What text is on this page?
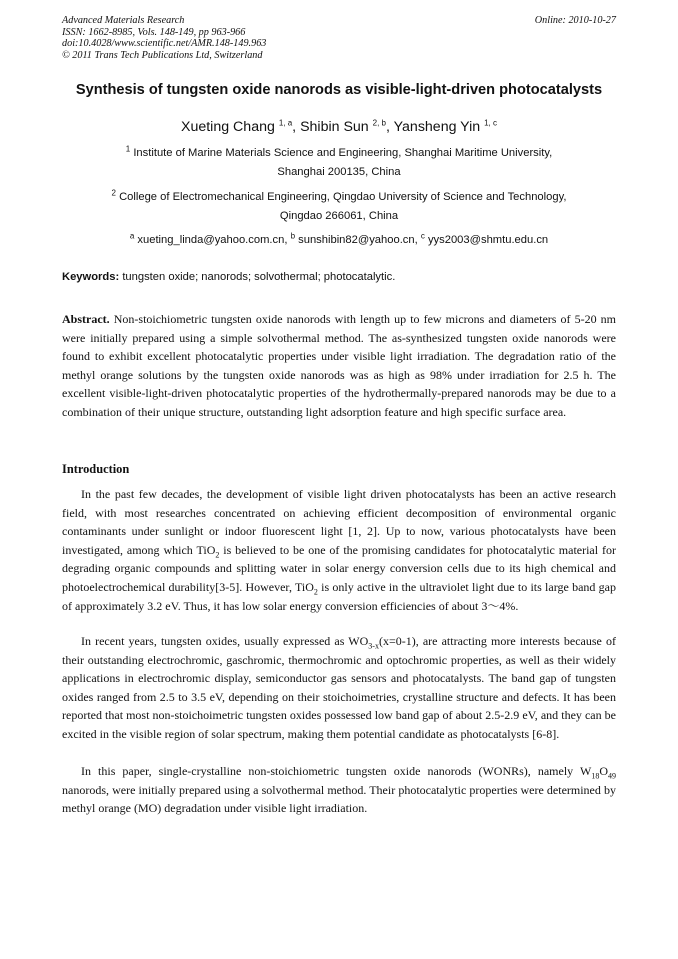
Advanced Materials Research
ISSN: 1662-8985, Vols. 148-149, pp 963-966
doi:10.4028/www.scientific.net/AMR.148-149.963
© 2011 Trans Tech Publications Ltd, Switzerland
Online: 2010-10-27
Synthesis of tungsten oxide nanorods as visible-light-driven photocatalysts
Xueting Chang $^{1, a}$, Shibin Sun $^{2, b}$, Yansheng Yin $^{1, c}$
$^1$ Institute of Marine Materials Science and Engineering, Shanghai Maritime University,
Shanghai 200135, China
$^2$ College of Electromechanical Engineering, Qingdao University of Science and Technology,
Qingdao 266061, China
$^a$ xueting_linda@yahoo.com.cn, $^b$ sunshibin82@yahoo.cn, $^c$ yys2003@shmtu.edu.cn
Keywords: tungsten oxide; nanorods; solvothermal; photocatalytic.
Abstract. Non-stoichiometric tungsten oxide nanorods with length up to few microns and diameters of 5-20 nm were initially prepared using a simple solvothermal method. The as-synthesized tungsten oxide nanorods were found to exhibit excellent photocatalytic properties under visible light irradiation. The degradation ratio of the methyl orange solutions by the tungsten oxide nanorods was as high as 98% under irradiation for 2.5 h. The excellent visible-light-driven photocatalytic properties of the hydrothermally-prepared nanorods may be due to a combination of their unique structure, outstanding light adsorption feature and high specific surface area.
Introduction
In the past few decades, the development of visible light driven photocatalysts has been an active research field, with most researches concentrated on achieving efficient decomposition of environmental organic contaminants under sunlight or indoor fluorescent light [1, 2]. Up to now, various photocatalysts have been investigated, among which TiO$_2$ is believed to be one of the promising candidates for photocatalytic material for degrading organic compounds and splitting water in solar energy conversion cells due to its high chemical and photoelectrochemical durability[3-5]. However, TiO$_2$ is only active in the ultraviolet light due to its large band gap of approximately 3.2 eV. Thus, it has low solar energy conversion efficiencies of about 3～4%.
In recent years, tungsten oxides, usually expressed as $WO_{3-x}(x=0-1)$, are attracting more interests because of their outstanding electrochromic, gaschromic, thermochromic and optochromic properties, as well as their widely applications in electrochromic display, semiconductor gas sensors and photocatalysts. The band gap of tungsten oxides ranged from 2.5 to 3.5 eV, depending on their stoichoimetries, crystalline structure and defects. It has been reported that most non-stoichoimetric tungsten oxides possessed low band gap of about 2.5-2.9 eV, and they can be excited in the visible region of solar spectrum, making them potential candidate as photocatalysts [6-8].
In this paper, single-crystalline non-stoichiometric tungsten oxide nanorods (WONRs), namely $W_{18}O_{49}$ nanorods, were initially prepared using a solvothermal method. Their photocatalytic properties were determined by methyl orange (MO) degradation under visible light irradiation.
